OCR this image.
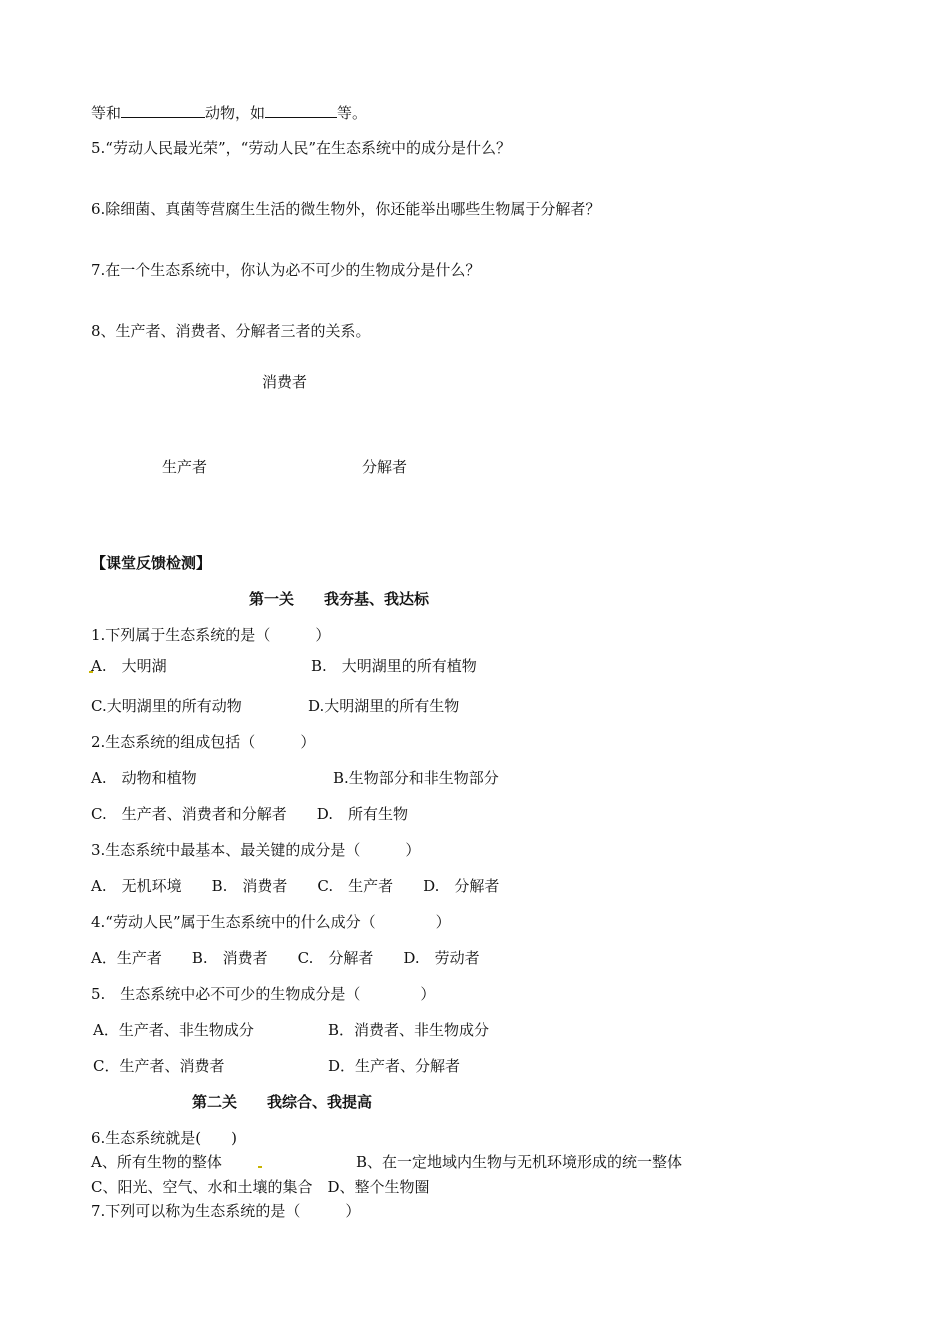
等和	动物，如	等。
5.“劳动人民最光荣”，“劳动人民”在生态系统中的成分是什么？
6.除细菌、真菌等营腐生生活的微生物外，你还能举出哪些生物属于分解者？
7.在一个生态系统中，你认为必不可少的生物成分是什么？
8、生产者、消费者、分解者三者的关系。
消费者
生产者	分解者
【课堂反馈检测】
第一关　　我夯基、我达标
1.下列属于生态系统的是（　　　）
A.　大明湖	B.　大明湖里的所有植物
C.大明湖里的所有动物	D.大明湖里的所有生物
2.生态系统的组成包括（　　　）
A.　动物和植物	B.生物部分和非生物部分
C.　生产者、消费者和分解者　　D.　所有生物
3.生态系统中最基本、最关键的成分是（　　　）
A.　无机环境　　B.　消费者　　C.　生产者　　D.　分解者
4.“劳动人民”属于生态系统中的什么成分（　　　　）
A．生产者　　B.　消费者　　C.　分解者　　D.　劳动者
5.　生态系统中必不可少的生物成分是（　　　　）
A．生产者、非生物成分	B．消费者、非生物成分
C．生产者、消费者	D．生产者、分解者
第二关　　我综合、我提高
6.生态系统就是(　　)
A、所有生物的整体	B、在一定地域内生物与无机环境形成的统一整体
C、阳光、空气、水和土壤的集合　D、整个生物圈
7.下列可以称为生态系统的是（　　　）
